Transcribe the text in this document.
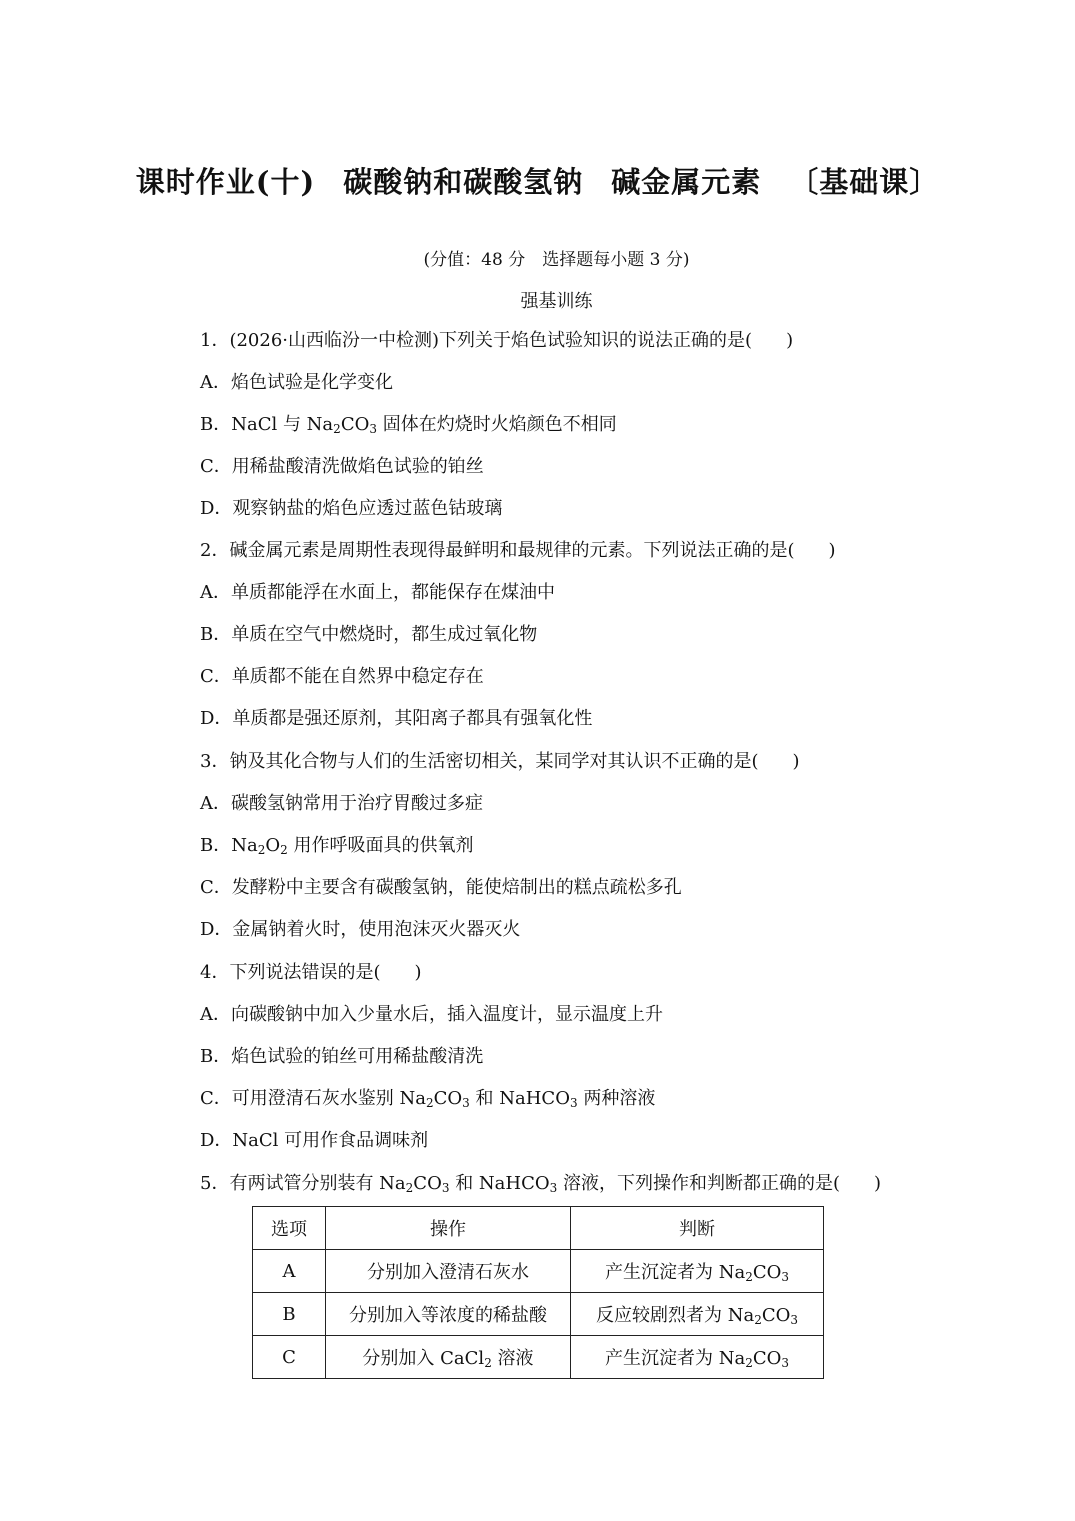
课时作业(十) 碳酸钠和碳酸氢钠 碱金属元素 〔基础课〕
(分值：48 分　选择题每小题 3 分)
强基训练
1．(2026·山西临汾一中检测)下列关于焰色试验知识的说法正确的是( )
A．焰色试验是化学变化
B．NaCl 与 $Na_2CO_3$ 固体在灼烧时火焰颜色不相同
C．用稀盐酸清洗做焰色试验的铂丝
D．观察钠盐的焰色应透过蓝色钴玻璃
2．碱金属元素是周期性表现得最鲜明和最规律的元素。下列说法正确的是( )
A．单质都能浮在水面上，都能保存在煤油中
B．单质在空气中燃烧时，都生成过氧化物
C．单质都不能在自然界中稳定存在
D．单质都是强还原剂，其阳离子都具有强氧化性
3．钠及其化合物与人们的生活密切相关，某同学对其认识不正确的是( )
A．碳酸氢钠常用于治疗胃酸过多症
B．$Na_2O_2$ 用作呼吸面具的供氧剂
C．发酵粉中主要含有碳酸氢钠，能使焙制出的糕点疏松多孔
D．金属钠着火时，使用泡沫灭火器灭火
4．下列说法错误的是( )
A．向碳酸钠中加入少量水后，插入温度计，显示温度上升
B．焰色试验的铂丝可用稀盐酸清洗
C．可用澄清石灰水鉴别 $Na_2CO_3$ 和 NaHCO$_3$ 两种溶液
D．NaCl 可用作食品调味剂
5．有两试管分别装有 $Na_2CO_3$ 和 NaHCO$_3$ 溶液，下列操作和判断都正确的是( )
选项	操作	判断
A	分别加入澄清石灰水	产生沉淀者为 $Na_2CO_3$
B	分别加入等浓度的稀盐酸	反应较剧烈者为 $Na_2CO_3$
C	分别加入 CaCl$_2$ 溶液	产生沉淀者为 $Na_2CO_3$
